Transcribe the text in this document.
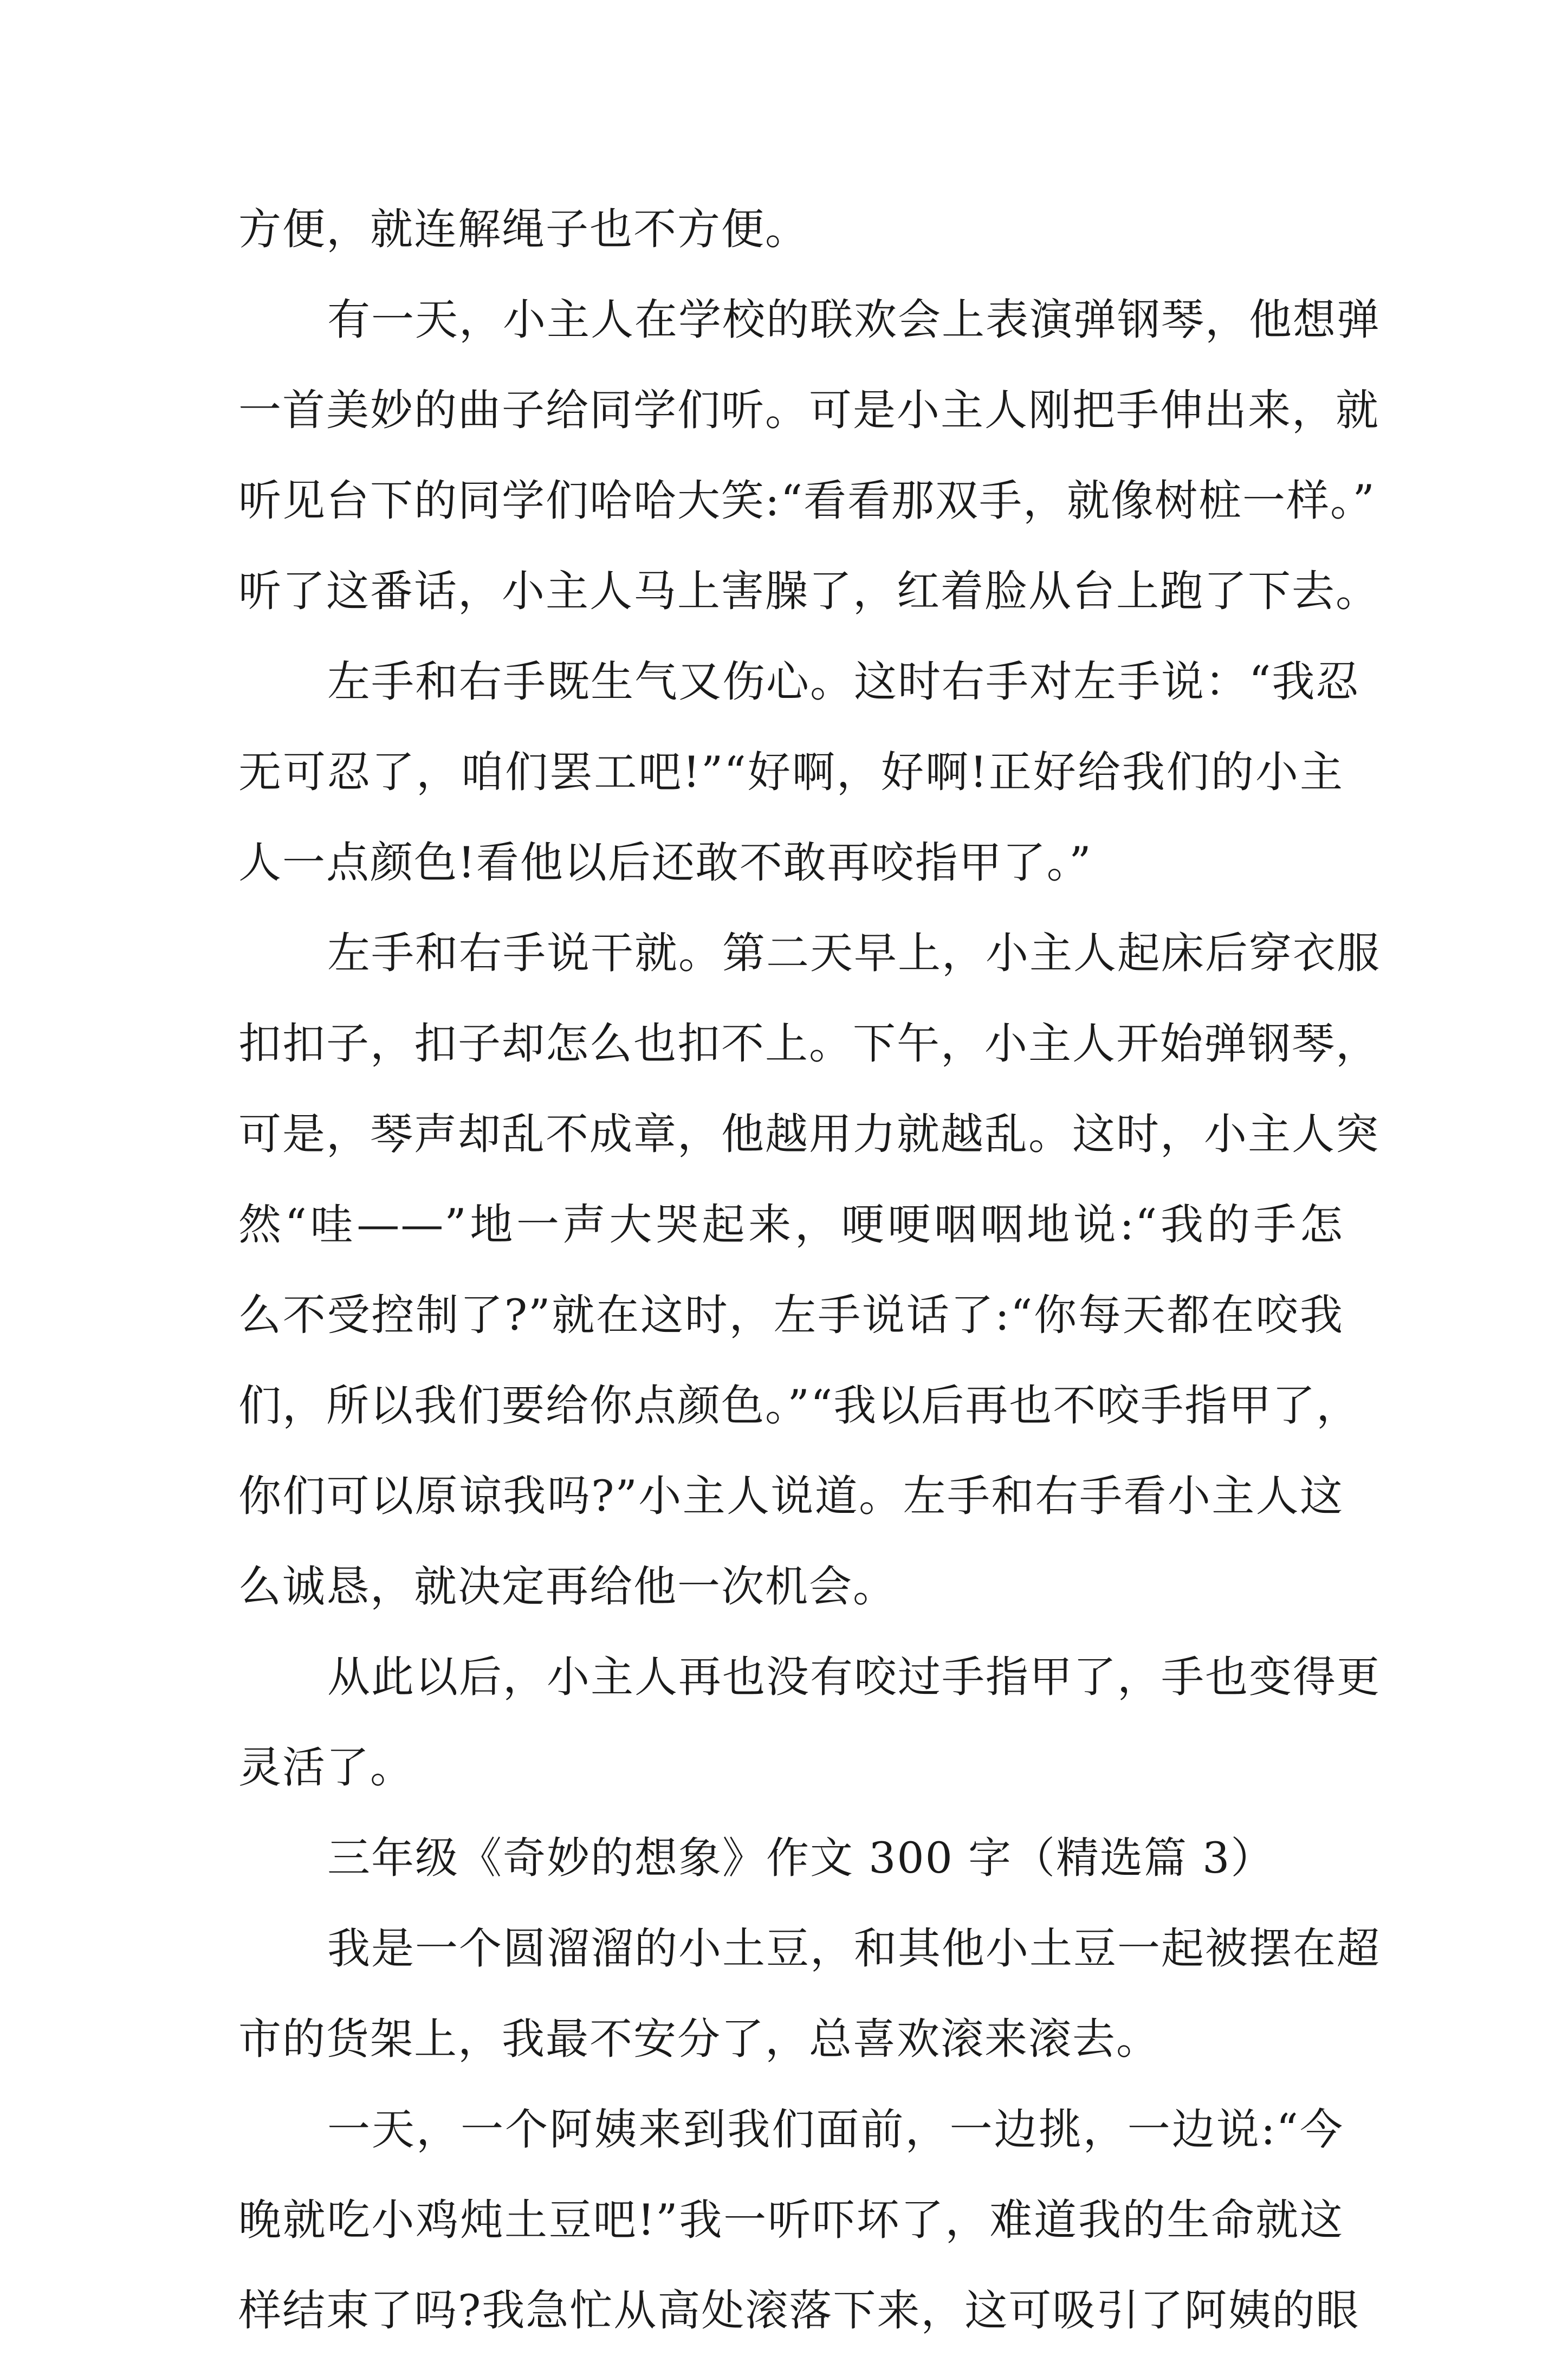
方便，就连解绳子也不方便。
有一天，小主人在学校的联欢会上表演弹钢琴，他想弹
一首美妙的曲子给同学们听。可是小主人刚把手伸出来，就
听见台下的同学们哈哈大笑:“看看那双手，就像树桩一样。”
听了这番话，小主人马上害臊了，红着脸从台上跑了下去。
左手和右手既生气又伤心。这时右手对左手说：“我忍
无可忍了，咱们罢工吧!”“好啊，好啊!正好给我们的小主
人一点颜色!看他以后还敢不敢再咬指甲了。”
左手和右手说干就。第二天早上，小主人起床后穿衣服
扣扣子，扣子却怎么也扣不上。下午，小主人开始弹钢琴，
可是，琴声却乱不成章，他越用力就越乱。这时，小主人突
然“哇——”地一声大哭起来，哽哽咽咽地说:“我的手怎
么不受控制了?”就在这时，左手说话了:“你每天都在咬我
们，所以我们要给你点颜色。”“我以后再也不咬手指甲了，
你们可以原谅我吗?”小主人说道。左手和右手看小主人这
么诚恳，就决定再给他一次机会。
从此以后，小主人再也没有咬过手指甲了，手也变得更
灵活了。
三年级《奇妙的想象》作文 300 字（精选篇 3）
我是一个圆溜溜的小土豆，和其他小土豆一起被摆在超
市的货架上，我最不安分了，总喜欢滚来滚去。
一天，一个阿姨来到我们面前，一边挑，一边说:“今
晚就吃小鸡炖土豆吧!”我一听吓坏了，难道我的生命就这
样结束了吗?我急忙从高处滚落下来，这可吸引了阿姨的眼
